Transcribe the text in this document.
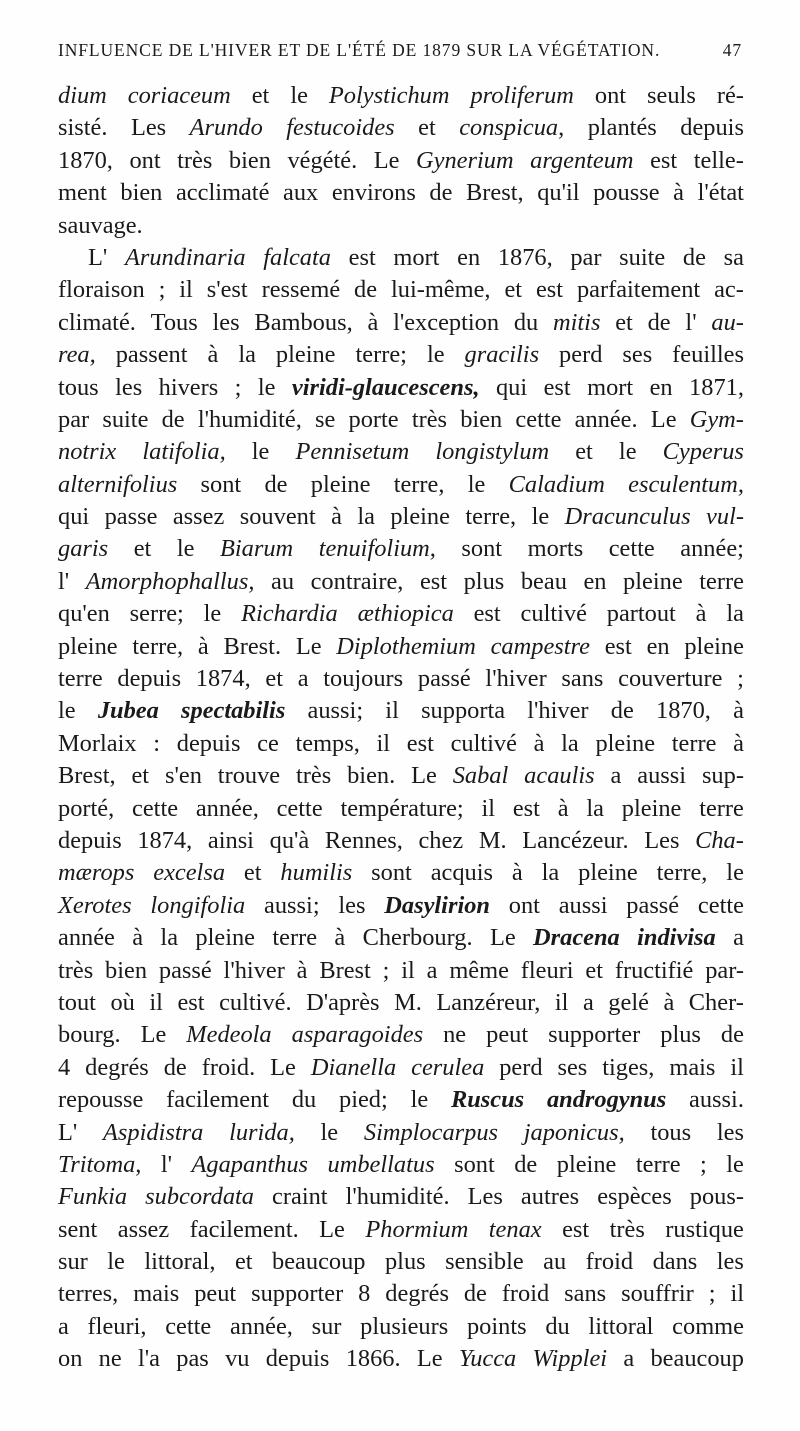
INFLUENCE DE L'HIVER ET DE L'ÉTÉ DE 1879 SUR LA VÉGÉTATION.	47
dium coriaceum et le Polystichum proliferum ont seuls ré-
sisté. Les Arundo festucoides et conspicua, plantés depuis
1870, ont très bien végété. Le Gynerium argenteum est telle-
ment bien acclimaté aux environs de Brest, qu'il pousse à l'état
sauvage.
L' Arundinaria falcata est mort en 1876, par suite de sa
floraison ; il s'est ressemé de lui-même, et est parfaitement ac-
climaté. Tous les Bambous, à l'exception du mitis et de l' au-
rea, passent à la pleine terre; le gracilis perd ses feuilles
tous les hivers ; le viridi-glaucescens, qui est mort en 1871,
par suite de l'humidité, se porte très bien cette année. Le Gym-
notrix latifolia, le Pennisetum longistylum et le Cyperus
alternifolius sont de pleine terre, le Caladium esculentum,
qui passe assez souvent à la pleine terre, le Dracunculus vul-
garis et le Biarum tenuifolium, sont morts cette année;
l' Amorphophallus, au contraire, est plus beau en pleine terre
qu'en serre; le Richardia æthiopica est cultivé partout à la
pleine terre, à Brest. Le Diplothemium campestre est en pleine
terre depuis 1874, et a toujours passé l'hiver sans couverture ;
le Jubea spectabilis aussi; il supporta l'hiver de 1870, à
Morlaix : depuis ce temps, il est cultivé à la pleine terre à
Brest, et s'en trouve très bien. Le Sabal acaulis a aussi sup-
porté, cette année, cette température; il est à la pleine terre
depuis 1874, ainsi qu'à Rennes, chez M. Lancézeur. Les Cha-
mærops excelsa et humilis sont acquis à la pleine terre, le
Xerotes longifolia aussi; les Dasylirion ont aussi passé cette
année à la pleine terre à Cherbourg. Le Dracena indivisa a
très bien passé l'hiver à Brest ; il a même fleuri et fructifié par-
tout où il est cultivé. D'après M. Lanzéreur, il a gelé à Cher-
bourg. Le Medeola asparagoides ne peut supporter plus de
4 degrés de froid. Le Dianella cerulea perd ses tiges, mais il
repousse facilement du pied; le Ruscus androgynus aussi.
L' Aspidistra lurida, le Simplocarpus japonicus, tous les
Tritoma, l' Agapanthus umbellatus sont de pleine terre ; le
Funkia subcordata craint l'humidité. Les autres espèces pous-
sent assez facilement. Le Phormium tenax est très rustique
sur le littoral, et beaucoup plus sensible au froid dans les
terres, mais peut supporter 8 degrés de froid sans souffrir ; il
a fleuri, cette année, sur plusieurs points du littoral comme
on ne l'a pas vu depuis 1866. Le Yucca Wipplei a beaucoup
